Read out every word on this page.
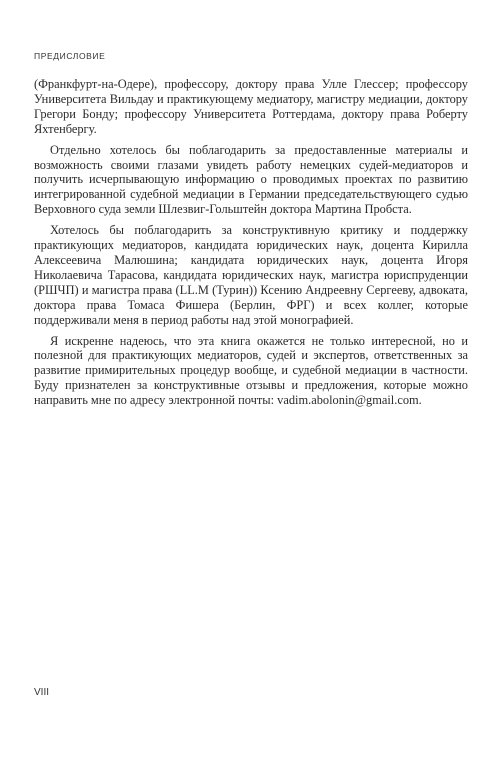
ПРЕДИСЛОВИЕ

(Франкфурт-на-Одере), профессору, доктору права Улле Глессер; профессору Университета Вильдау и практикующему медиатору, магистру медиации, доктору Грегори Бонду; профессору Университета Роттердама, доктору права Роберту Яхтенбергу.

Отдельно хотелось бы поблагодарить за предоставленные материалы и возможность своими глазами увидеть работу немецких судей-медиаторов и получить исчерпывающую информацию о проводимых проектах по развитию интегрированной судебной медиации в Германии председательствующего судью Верховного суда земли Шлезвиг-Гольштейн доктора Мартина Пробста.

Хотелось бы поблагодарить за конструктивную критику и поддержку практикующих медиаторов, кандидата юридических наук, доцента Кирилла Алексеевича Малюшина; кандидата юридических наук, доцента Игоря Николаевича Тарасова, кандидата юридических наук, магистра юриспруденции (РШЧП) и магистра права (LL.M (Турин)) Ксению Андреевну Сергееву, адвоката, доктора права Томаса Фишера (Берлин, ФРГ) и всех коллег, которые поддерживали меня в период работы над этой монографией.

Я искренне надеюсь, что эта книга окажется не только интересной, но и полезной для практикующих медиаторов, судей и экспертов, ответственных за развитие примирительных процедур вообще, и судебной медиации в частности. Буду признателен за конструктивные отзывы и предложения, которые можно направить мне по адресу электронной почты: vadim.abolonin@gmail.com.

VIII
